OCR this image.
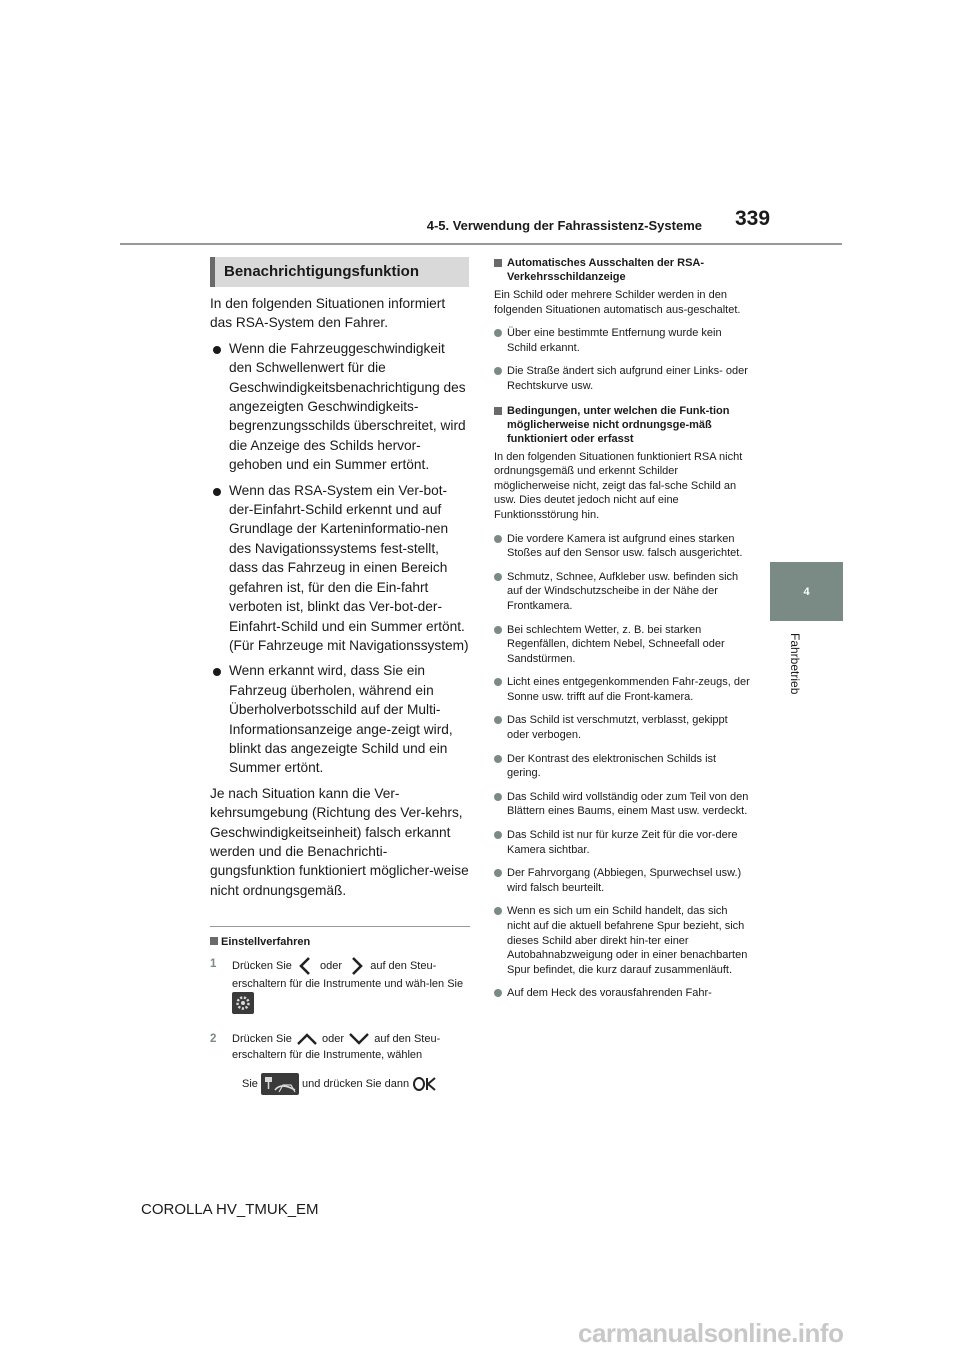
4-5. Verwendung der Fahrassistenz-Systeme 339
4
Fahrbetrieb
Benachrichtigungsfunktion

In den folgenden Situationen informiert das RSA-System den Fahrer.

Wenn die Fahrzeuggeschwindigkeit den Schwellenwert für die Geschwindigkeitsbenachrichtigung des angezeigten Geschwindigkeits-begrenzungsschilds überschreitet, wird die Anzeige des Schilds hervor-gehoben und ein Summer ertönt.

Wenn das RSA-System ein Ver-bot-der-Einfahrt-Schild erkennt und auf Grundlage der Karteninformatio-nen des Navigationssystems fest-stellt, dass das Fahrzeug in einen Bereich gefahren ist, für den die Ein-fahrt verboten ist, blinkt das Ver-bot-der-Einfahrt-Schild und ein Summer ertönt. (Für Fahrzeuge mit Navigationssystem)

Wenn erkannt wird, dass Sie ein Fahrzeug überholen, während ein Überholverbotsschild auf der Multi-Informationsanzeige ange-zeigt wird, blinkt das angezeigte Schild und ein Summer ertönt.

Je nach Situation kann die Ver-kehrsumgebung (Richtung des Ver-kehrs, Geschwindigkeitseinheit) falsch erkannt werden und die Benachrichti-gungsfunktion funktioniert möglicher-weise nicht ordnungsgemäß.

Einstellverfahren
1 Drücken Sie	oder	auf den Steu-erschaltern für die Instrumente und wäh-len Sie
2 Drücken Sie	oder	auf den Steu-erschaltern für die Instrumente, wählen
Sie	und drücken Sie dann

Automatisches Ausschalten der RSA-Verkehrsschildanzeige

Ein Schild oder mehrere Schilder werden in den folgenden Situationen automatisch aus-geschaltet.

Über eine bestimmte Entfernung wurde kein Schild erkannt.

Die Straße ändert sich aufgrund einer Links- oder Rechtskurve usw.

Bedingungen, unter welchen die Funk-tion möglicherweise nicht ordnungsge-mäß funktioniert oder erfasst

In den folgenden Situationen funktioniert RSA nicht ordnungsgemäß und erkennt Schilder möglicherweise nicht, zeigt das fal-sche Schild an usw. Dies deutet jedoch nicht auf eine Funktionsstörung hin.

Die vordere Kamera ist aufgrund eines starken Stoßes auf den Sensor usw. falsch ausgerichtet.

Schmutz, Schnee, Aufkleber usw. befinden sich auf der Windschutzscheibe in der Nähe der Frontkamera.

Bei schlechtem Wetter, z. B. bei starken Regenfällen, dichtem Nebel, Schneefall oder Sandstürmen.

Licht eines entgegenkommenden Fahr-zeugs, der Sonne usw. trifft auf die Front-kamera.

Das Schild ist verschmutzt, verblasst, gekippt oder verbogen.

Der Kontrast des elektronischen Schilds ist gering.

Das Schild wird vollständig oder zum Teil von den Blättern eines Baums, einem Mast usw. verdeckt.

Das Schild ist nur für kurze Zeit für die vor-dere Kamera sichtbar.

Der Fahrvorgang (Abbiegen, Spurwechsel usw.) wird falsch beurteilt.

Wenn es sich um ein Schild handelt, das sich nicht auf die aktuell befahrene Spur bezieht, sich dieses Schild aber direkt hin-ter einer Autobahnabzweigung oder in einer benachbarten Spur befindet, die kurz darauf zusammenläuft.

Auf dem Heck des vorausfahrenden Fahr-

COROLLA HV_TMUK_EM
carmanualsonline.info
